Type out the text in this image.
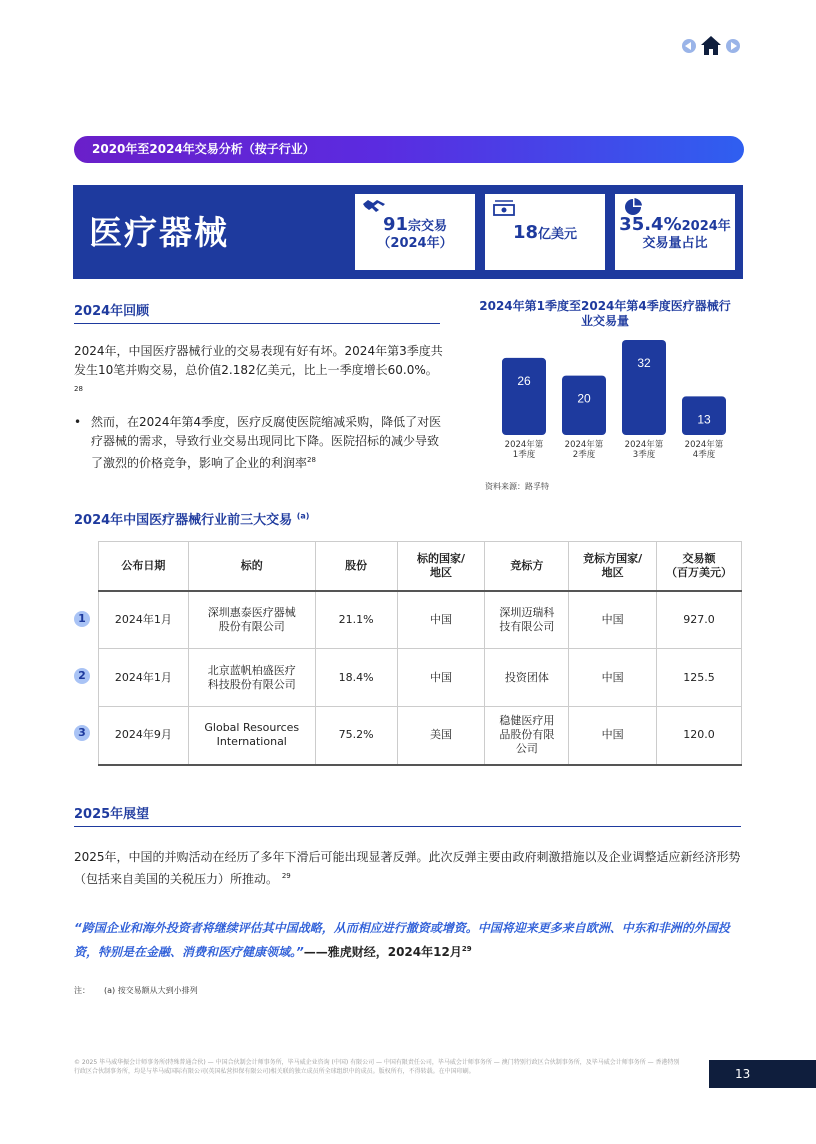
2020年至2024年交易分析（按子行业）
医疗器械	91宗交易
（2024年）
18亿美元	35.4%2024年
交易量占比
2024年回顾
2024年，中国医疗器械行业的交易表现有好有坏。2024年第3季度共发生10笔并购交易，总价值2.182亿美元，比上一季度增长60.0%。 $^{28}$
• 然而，在2024年第4季度，医疗反腐使医院缩减采购，降低了对医疗器械的需求，导致行业交易出现同比下降。医院招标的减少导致了激烈的价格竞争，影响了企业的利润率$^{28}$
2024年第1季度至2024年第4季度医疗器械行业交易量
26
2024年第
1季度
20
2024年第
2季度
32
2024年第
3季度
13
2024年第
4季度
资料来源：路孚特
2024年中国医疗器械行业前三大交易 $^{(a)}$
公布日期	标的	股份	标的国家/
地区	竞标方	竞标方国家/
地区	交易额
（百万美元）
2024年1月	深圳惠泰医疗器械
股份有限公司	21.1%	中国	深圳迈瑞科
技有限公司	中国	927.0
2024年1月	北京蓝帆柏盛医疗
科技股份有限公司	18.4%	中国	投资团体	中国	125.5
2024年9月	Global Resources
International	75.2%	美国	稳健医疗用
品股份有限
公司	中国	120.0
1
2
3
2025年展望
2025年，中国的并购活动在经历了多年下滑后可能出现显著反弹。此次反弹主要由政府刺激措施以及企业调整适应新经济形势（包括来自美国的关税压力）所推动。 $^{29}$
“跨国企业和海外投资者将继续评估其中国战略，从而相应进行撤资或增资。中国将迎来更多来自欧洲、中东和非洲的外国投资，特别是在金融、消费和医疗健康领域。”——雅虎财经，2024年12月$^{29}$
注： (a) 按交易额从大到小排列
© 2025 毕马威华振会计师事务所(特殊普通合伙) — 中国合伙制会计师事务所，毕马威企业咨询 (中国) 有限公司 — 中国有限责任公司，毕马威会计师事务所 — 澳门特别行政区合伙制事务所，及毕马威会计师事务所 — 香港特别行政区合伙制事务所，均是与毕马威国际有限公司(英国私营担保有限公司)相关联的独立成员所全球组织中的成员。版权所有，不得转载。在中国印刷。	13
